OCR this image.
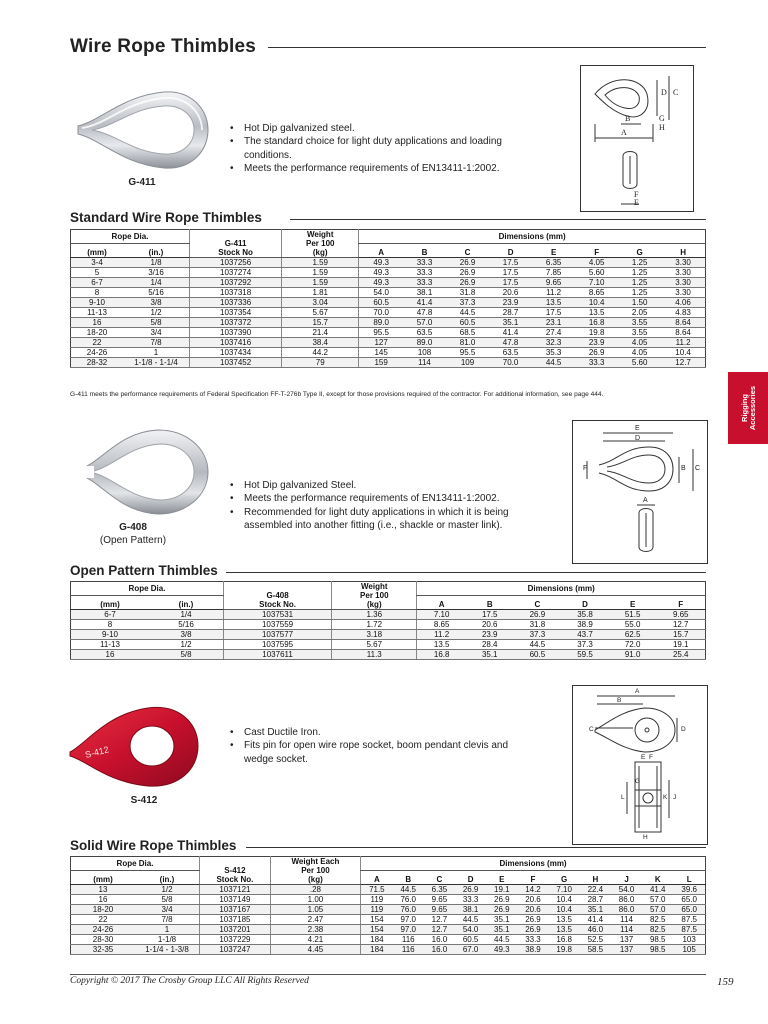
Wire Rope Thimbles
Rigging Accessories
G-411
• Hot Dip galvanized steel.
• The standard choice for light duty applications and loading conditions.
• Meets the performance requirements of EN13411-1:2002.
D C
B	G
H
A
F
E
Standard Wire Rope Thimbles
Rope Dia.		G-411
Stock No	Weight
Per 100
(kg)	Dimensions (mm)							
(mm)	(in.)			A	B	C	D	E	F	G	H
3-4	1/8	1037256	1.59	49.3	33.3	26.9	17.5	6.35	4.05	1.25	3.30
5	3/16	1037274	1.59	49.3	33.3	26.9	17.5	7.85	5.60	1.25	3.30
6-7	1/4	1037292	1.59	49.3	33.3	26.9	17.5	9.65	7.10	1.25	3.30
8	5/16	1037318	1.81	54.0	38.1	31.8	20.6	11.2	8.65	1.25	3.30
9-10	3/8	1037336	3.04	60.5	41.4	37.3	23.9	13.5	10.4	1.50	4.06
11-13	1/2	1037354	5.67	70.0	47.8	44.5	28.7	17.5	13.5	2.05	4.83
16	5/8	1037372	15.7	89.0	57.0	60.5	35.1	23.1	16.8	3.55	8.64
18-20	3/4	1037390	21.4	95.5	63.5	68.5	41.4	27.4	19.8	3.55	8.64
22	7/8	1037416	38.4	127	89.0	81.0	47.8	32.3	23.9	4.05	11.2
24-26	1	1037434	44.2	145	108	95.5	63.5	35.3	26.9	4.05	10.4
28-32	1-1/8 - 1-1/4	1037452	79	159	114	109	70.0	44.5	33.3	5.60	12.7
G-411 meets the performance requirements of Federal Specification FF-T-276b Type II, except for those provisions required of the contractor. For additional information, see page 444.
G-408
(Open Pattern)
• Hot Dip galvanized Steel.
• Meets the performance requirements of EN13411-1:2002.
• Recommended for light duty applications in which it is being assembled into another fitting (i.e., shackle or master link).
E
D
F	B C
A
Open Pattern Thimbles
Rope Dia.		G-408
Stock No.	Weight
Per 100
(kg)	Dimensions (mm)					
(mm)	(in.)			A	B	C	D	E	F
6-7	1/4	1037531	1.36	7.10	17.5	26.9	35.8	51.5	9.65
8	5/16	1037559	1.72	8.65	20.6	31.8	38.9	55.0	12.7
9-10	3/8	1037577	3.18	11.2	23.9	37.3	43.7	62.5	15.7
11-13	1/2	1037595	5.67	13.5	28.4	44.5	37.3	72.0	19.1
16	5/8	1037611	11.3	16.8	35.1	60.5	59.5	91.0	25.4
S-412
S-412
• Cast Ductile Iron.
• Fits pin for open wire rope socket, boom pendant clevis and wedge socket.
A
B
C	D
E F
G
H
J
K
L
Solid Wire Rope Thimbles
Rope Dia.		S-412
Stock No.	Weight Each
Per 100
(kg)	Dimensions (mm)										
(mm)	(in.)			A	B	C	D	E	F	G	H	J	K	L
13	1/2	1037121	.28	71.5	44.5	6.35	26.9	19.1	14.2	7.10	22.4	54.0	41.4	39.6
16	5/8	1037149	1.00	119	76.0	9.65	33.3	26.9	20.6	10.4	28.7	86.0	57.0	65.0
18-20	3/4	1037167	1.05	119	76.0	9.65	38.1	26.9	20.6	10.4	35.1	86.0	57.0	65.0
22	7/8	1037185	2.47	154	97.0	12.7	44.5	35.1	26.9	13.5	41.4	114	82.5	87.5
24-26	1	1037201	2.38	154	97.0	12.7	54.0	35.1	26.9	13.5	46.0	114	82.5	87.5
28-30	1-1/8	1037229	4.21	184	116	16.0	60.5	44.5	33.3	16.8	52.5	137	98.5	103
32-35	1-1/4 - 1-3/8	1037247	4.45	184	116	16.0	67.0	49.3	38.9	19.8	58.5	137	98.5	105
Copyright © 2017 The Crosby Group LLC All Rights Reserved	159
